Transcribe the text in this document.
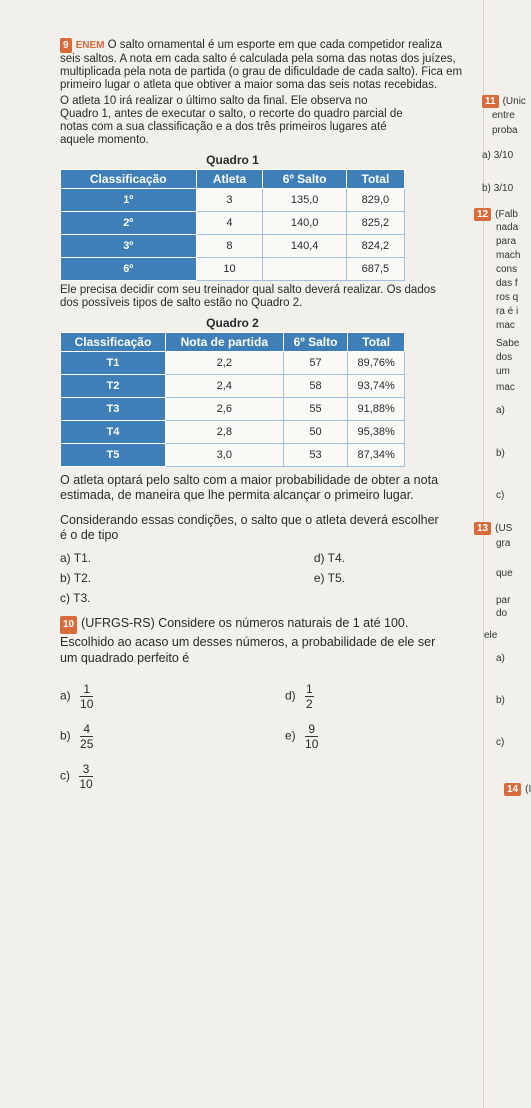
9 ENEM O salto ornamental é um esporte em que cada competidor realiza seis saltos. A nota em cada salto é calculada pela soma das notas dos juízes, multiplicada pela nota de partida (o grau de dificuldade de cada salto). Fica em primeiro lugar o atleta que obtiver a maior soma das seis notas recebidas.

O atleta 10 irá realizar o último salto da final. Ele observa no Quadro 1, antes de executar o salto, o recorte do quadro parcial de notas com a sua classificação e a dos três primeiros lugares até aquele momento.

Quadro 1
Classificação	Atleta	6º Salto	Total
1º	3	135,0	829,0
2º	4	140,0	825,2
3º	8	140,4	824,2
6º	10		687,5

Ele precisa decidir com seu treinador qual salto deverá realizar. Os dados dos possíveis tipos de salto estão no Quadro 2.

Quadro 2
Classificação	Nota de partida	6º Salto	Total
T1	2,2	57	89,76%
T2	2,4	58	93,74%
T3	2,6	55	91,88%
T4	2,8	50	95,38%
T5	3,0	53	87,34%

O atleta optará pelo salto com a maior probabilidade de obter a nota estimada, de maneira que lhe permita alcançar o primeiro lugar.

Considerando essas condições, o salto que o atleta deverá escolher é o de tipo

a) T1.	d) T4.
b) T2.	e) T5.
c) T3.

10 (UFRGS-RS) Considere os números naturais de 1 até 100. Escolhido ao acaso um desses números, a probabilidade de ele ser um quadrado perfeito é

$a) \frac{1}{10}$	$d) \frac{1}{2}$
$b) \frac{4}{25}$	$e) \frac{9}{10}$
$c) \frac{3}{10}$
11 (Unic
entre
proba
a) 3/10
b) 3/10
12 (Falb
nada
para
mach
cons
das f
ros q
ra é i
mac
Sabe
dos
um
mac
a)
b)
c)
13 (US
gra
que
par
do
ele
a)
b)
c)
14 (I
